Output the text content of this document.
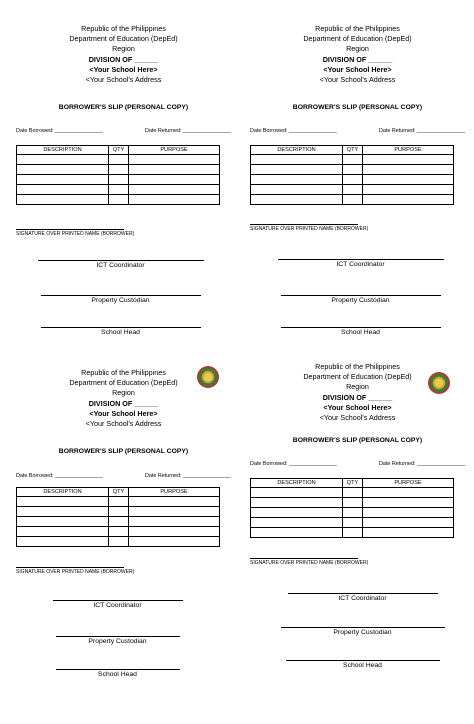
Republic of the Philippines
Department of Education (DepEd)
Region
DIVISION OF ______
<Your School Here>
<Your School's Address
BORROWER'S SLIP (PERSONAL COPY)
Date Borrowed: ________________	Date Returned: ________________
DESCRIPTION	QTY	PURPOSE

SIGNATURE OVER PRINTED NAME (BORROWER)
ICT Coordinator
Property Custodian
School Head
Republic of the Philippines
Department of Education (DepEd)
Region
DIVISION OF ______
<Your School Here>
<Your School's Address
BORROWER'S SLIP (PERSONAL COPY)
Date Borrowed: ________________	Date Returned: ________________
DESCRIPTION	QTY	PURPOSE

SIGNATURE OVER PRINTED NAME (BORROWER)
ICT Coordinator
Property Custodian
School Head
Republic of the Philippines
Department of Education (DepEd)
Region
DIVISION OF ______
<Your School Here>
<Your School's Address
BORROWER'S SLIP (PERSONAL COPY)
Date Borrowed: ________________	Date Returned: ________________
DESCRIPTION	QTY	PURPOSE

SIGNATURE OVER PRINTED NAME (BORROWER)
ICT Coordinator
Property Custodian
School Head
Republic of the Philippines
Department of Education (DepEd)
Region
DIVISION OF ______
<Your School Here>
<Your School's Address
BORROWER'S SLIP (PERSONAL COPY)
Date Borrowed: ________________	Date Returned: ________________
DESCRIPTION	QTY	PURPOSE

SIGNATURE OVER PRINTED NAME (BORROWER)
ICT Coordinator
Property Custodian
School Head
